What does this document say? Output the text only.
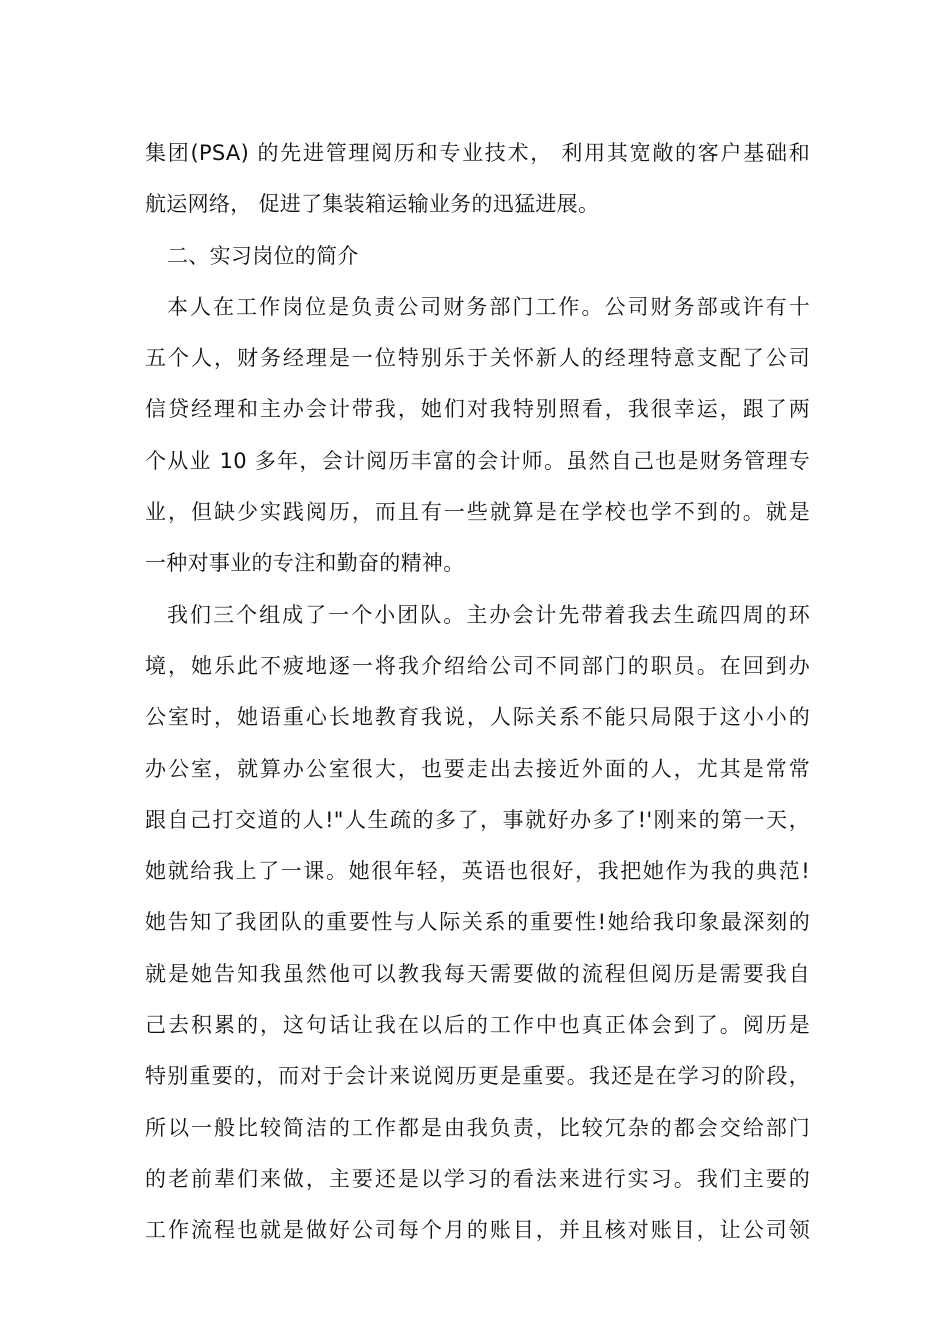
集团(PSA) 的先进管理阅历和专业技术， 利用其宽敞的客户基础和
航运网络， 促进了集装箱运输业务的迅猛进展。
二、实习岗位的简介
本人在工作岗位是负责公司财务部门工作。公司财务部或许有十
五个人，财务经理是一位特别乐于关怀新人的经理特意支配了公司
信贷经理和主办会计带我，她们对我特别照看，我很幸运，跟了两
个从业 10 多年，会计阅历丰富的会计师。虽然自己也是财务管理专
业，但缺少实践阅历，而且有一些就算是在学校也学不到的。就是
一种对事业的专注和勤奋的精神。
我们三个组成了一个小团队。主办会计先带着我去生疏四周的环
境，她乐此不疲地逐一将我介绍给公司不同部门的职员。在回到办
公室时，她语重心长地教育我说，人际关系不能只局限于这小小的
办公室，就算办公室很大，也要走出去接近外面的人，尤其是常常
跟自己打交道的人!"人生疏的多了，事就好办多了!'刚来的第一天，
她就给我上了一课。她很年轻，英语也很好，我把她作为我的典范!
她告知了我团队的重要性与人际关系的重要性!她给我印象最深刻的
就是她告知我虽然他可以教我每天需要做的流程但阅历是需要我自
己去积累的，这句话让我在以后的工作中也真正体会到了。阅历是
特别重要的，而对于会计来说阅历更是重要。我还是在学习的阶段，
所以一般比较简洁的工作都是由我负责，比较冗杂的都会交给部门
的老前辈们来做，主要还是以学习的看法来进行实习。我们主要的
工作流程也就是做好公司每个月的账目，并且核对账目，让公司领
